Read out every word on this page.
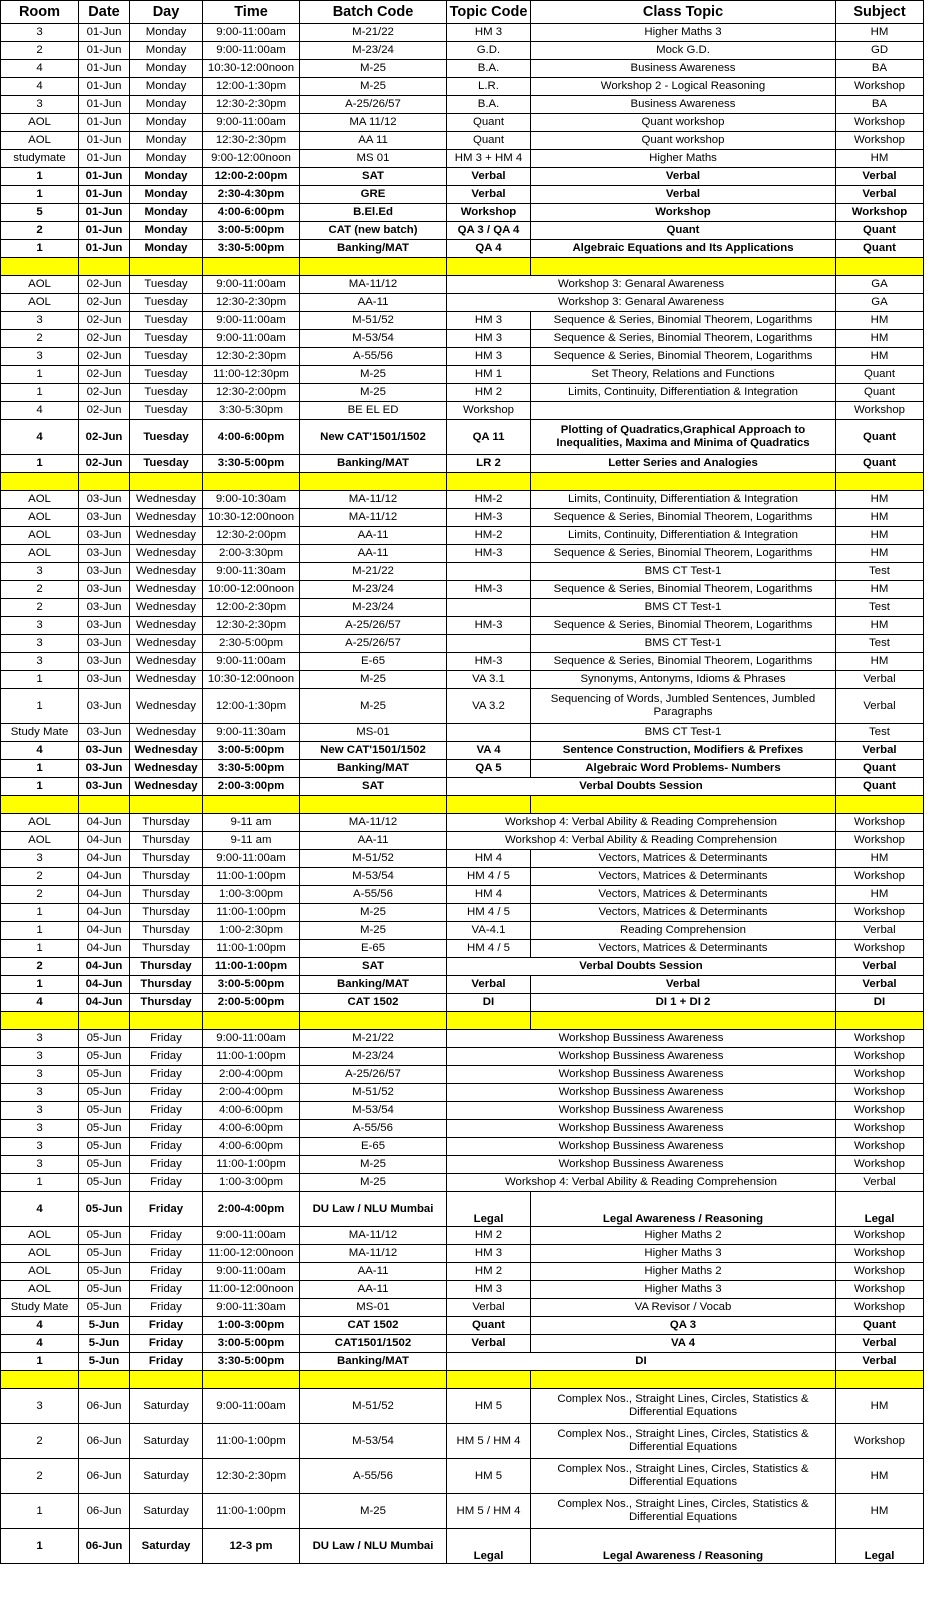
Room	Date	Day	Time	Batch Code	Topic Code	Class Topic	Subject
3	01-Jun	Monday	9:00-11:00am	M-21/22	HM 3	Higher Maths 3	HM
2	01-Jun	Monday	9:00-11:00am	M-23/24	G.D.	Mock G.D.	GD
4	01-Jun	Monday	10:30-12:00noon	M-25	B.A.	Business Awareness	BA
4	01-Jun	Monday	12:00-1:30pm	M-25	L.R.	Workshop 2 - Logical Reasoning	Workshop
3	01-Jun	Monday	12:30-2:30pm	A-25/26/57	B.A.	Business Awareness	BA
AOL	01-Jun	Monday	9:00-11:00am	MA 11/12	Quant	Quant workshop	Workshop
AOL	01-Jun	Monday	12:30-2:30pm	AA 11	Quant	Quant workshop	Workshop
studymate	01-Jun	Monday	9:00-12:00noon	MS 01	HM 3 + HM 4	Higher Maths	HM
1	01-Jun	Monday	12:00-2:00pm	SAT	Verbal	Verbal	Verbal
1	01-Jun	Monday	2:30-4:30pm	GRE	Verbal	Verbal	Verbal
5	01-Jun	Monday	4:00-6:00pm	B.El.Ed	Workshop	Workshop	Workshop
2	01-Jun	Monday	3:00-5:00pm	CAT (new batch)	QA 3 / QA 4	Quant	Quant
1	01-Jun	Monday	3:30-5:00pm	Banking/MAT	QA 4	Algebraic Equations and Its Applications	Quant

AOL	02-Jun	Tuesday	9:00-11:00am	MA-11/12	Workshop 3: Genaral Awareness		GA
AOL	02-Jun	Tuesday	12:30-2:30pm	AA-11	Workshop 3: Genaral Awareness		GA
3	02-Jun	Tuesday	9:00-11:00am	M-51/52	HM 3	Sequence & Series, Binomial Theorem, Logarithms	HM
2	02-Jun	Tuesday	9:00-11:00am	M-53/54	HM 3	Sequence & Series, Binomial Theorem, Logarithms	HM
3	02-Jun	Tuesday	12:30-2:30pm	A-55/56	HM 3	Sequence & Series, Binomial Theorem, Logarithms	HM
1	02-Jun	Tuesday	11:00-12:30pm	M-25	HM 1	Set Theory, Relations and Functions	Quant
1	02-Jun	Tuesday	12:30-2:00pm	M-25	HM 2	Limits, Continuity, Differentiation & Integration	Quant
4	02-Jun	Tuesday	3:30-5:30pm	BE EL ED	Workshop		Workshop
4	02-Jun	Tuesday	4:00-6:00pm	New CAT'1501/1502	QA 11	Plotting of Quadratics,Graphical Approach to Inequalities, Maxima and Minima of Quadratics	Quant
1	02-Jun	Tuesday	3:30-5:00pm	Banking/MAT	LR 2	Letter Series and Analogies	Quant

AOL	03-Jun	Wednesday	9:00-10:30am	MA-11/12	HM-2	Limits, Continuity, Differentiation & Integration	HM
AOL	03-Jun	Wednesday	10:30-12:00noon	MA-11/12	HM-3	Sequence & Series, Binomial Theorem, Logarithms	HM
AOL	03-Jun	Wednesday	12:30-2:00pm	AA-11	HM-2	Limits, Continuity, Differentiation & Integration	HM
AOL	03-Jun	Wednesday	2:00-3:30pm	AA-11	HM-3	Sequence & Series, Binomial Theorem, Logarithms	HM
3	03-Jun	Wednesday	9:00-11:30am	M-21/22		BMS CT Test-1	Test
2	03-Jun	Wednesday	10:00-12:00noon	M-23/24	HM-3	Sequence & Series, Binomial Theorem, Logarithms	HM
2	03-Jun	Wednesday	12:00-2:30pm	M-23/24		BMS CT Test-1	Test
3	03-Jun	Wednesday	12:30-2:30pm	A-25/26/57	HM-3	Sequence & Series, Binomial Theorem, Logarithms	HM
3	03-Jun	Wednesday	2:30-5:00pm	A-25/26/57		BMS CT Test-1	Test
3	03-Jun	Wednesday	9:00-11:00am	E-65	HM-3	Sequence & Series, Binomial Theorem, Logarithms	HM
1	03-Jun	Wednesday	10:30-12:00noon	M-25	VA 3.1	Synonyms, Antonyms, Idioms & Phrases	Verbal
1	03-Jun	Wednesday	12:00-1:30pm	M-25	VA 3.2	Sequencing of Words, Jumbled Sentences, Jumbled Paragraphs	Verbal
Study Mate	03-Jun	Wednesday	9:00-11:30am	MS-01		BMS CT Test-1	Test
4	03-Jun	Wednesday	3:00-5:00pm	New CAT'1501/1502	VA 4	Sentence Construction, Modifiers & Prefixes	Verbal
1	03-Jun	Wednesday	3:30-5:00pm	Banking/MAT	QA 5	Algebraic Word Problems- Numbers	Quant
1	03-Jun	Wednesday	2:00-3:00pm	SAT	Verbal Doubts Session		Quant

AOL	04-Jun	Thursday	9-11 am	MA-11/12	Workshop 4: Verbal Ability & Reading Comprehension		Workshop
AOL	04-Jun	Thursday	9-11 am	AA-11	Workshop 4: Verbal Ability & Reading Comprehension		Workshop
3	04-Jun	Thursday	9:00-11:00am	M-51/52	HM 4	Vectors, Matrices & Determinants	HM
2	04-Jun	Thursday	11:00-1:00pm	M-53/54	HM 4 / 5	Vectors, Matrices & Determinants	Workshop
2	04-Jun	Thursday	1:00-3:00pm	A-55/56	HM 4	Vectors, Matrices & Determinants	HM
1	04-Jun	Thursday	11:00-1:00pm	M-25	HM 4 / 5	Vectors, Matrices & Determinants	Workshop
1	04-Jun	Thursday	1:00-2:30pm	M-25	VA-4.1	Reading Comprehension	Verbal
1	04-Jun	Thursday	11:00-1:00pm	E-65	HM 4 / 5	Vectors, Matrices & Determinants	Workshop
2	04-Jun	Thursday	11:00-1:00pm	SAT	Verbal Doubts Session		Verbal
1	04-Jun	Thursday	3:00-5:00pm	Banking/MAT	Verbal	Verbal	Verbal
4	04-Jun	Thursday	2:00-5:00pm	CAT 1502	DI	DI 1 + DI 2	DI

3	05-Jun	Friday	9:00-11:00am	M-21/22	Workshop Bussiness Awareness		Workshop
3	05-Jun	Friday	11:00-1:00pm	M-23/24	Workshop Bussiness Awareness		Workshop
3	05-Jun	Friday	2:00-4:00pm	A-25/26/57	Workshop Bussiness Awareness		Workshop
3	05-Jun	Friday	2:00-4:00pm	M-51/52	Workshop Bussiness Awareness		Workshop
3	05-Jun	Friday	4:00-6:00pm	M-53/54	Workshop Bussiness Awareness		Workshop
3	05-Jun	Friday	4:00-6:00pm	A-55/56	Workshop Bussiness Awareness		Workshop
3	05-Jun	Friday	4:00-6:00pm	E-65	Workshop Bussiness Awareness		Workshop
3	05-Jun	Friday	11:00-1:00pm	M-25	Workshop Bussiness Awareness		Workshop
1	05-Jun	Friday	1:00-3:00pm	M-25	Workshop 4: Verbal Ability & Reading Comprehension		Verbal
4	05-Jun	Friday	2:00-4:00pm	DU Law / NLU Mumbai	Legal	Legal Awareness / Reasoning	Legal
AOL	05-Jun	Friday	9:00-11:00am	MA-11/12	HM 2	Higher Maths 2	Workshop
AOL	05-Jun	Friday	11:00-12:00noon	MA-11/12	HM 3	Higher Maths 3	Workshop
AOL	05-Jun	Friday	9:00-11:00am	AA-11	HM 2	Higher Maths 2	Workshop
AOL	05-Jun	Friday	11:00-12:00noon	AA-11	HM 3	Higher Maths 3	Workshop
Study Mate	05-Jun	Friday	9:00-11:30am	MS-01	Verbal	VA Revisor / Vocab	Workshop
4	5-Jun	Friday	1:00-3:00pm	CAT 1502	Quant	QA 3	Quant
4	5-Jun	Friday	3:00-5:00pm	CAT1501/1502	Verbal	VA 4	Verbal
1	5-Jun	Friday	3:30-5:00pm	Banking/MAT	DI		Verbal

3	06-Jun	Saturday	9:00-11:00am	M-51/52	HM 5	Complex Nos., Straight Lines, Circles, Statistics & Differential Equations	HM
2	06-Jun	Saturday	11:00-1:00pm	M-53/54	HM 5 / HM 4	Complex Nos., Straight Lines, Circles, Statistics & Differential Equations	Workshop
2	06-Jun	Saturday	12:30-2:30pm	A-55/56	HM 5	Complex Nos., Straight Lines, Circles, Statistics & Differential Equations	HM
1	06-Jun	Saturday	11:00-1:00pm	M-25	HM 5 / HM 4	Complex Nos., Straight Lines, Circles, Statistics & Differential Equations	HM
1	06-Jun	Saturday	12-3 pm	DU Law / NLU Mumbai	Legal	Legal Awareness / Reasoning	Legal
